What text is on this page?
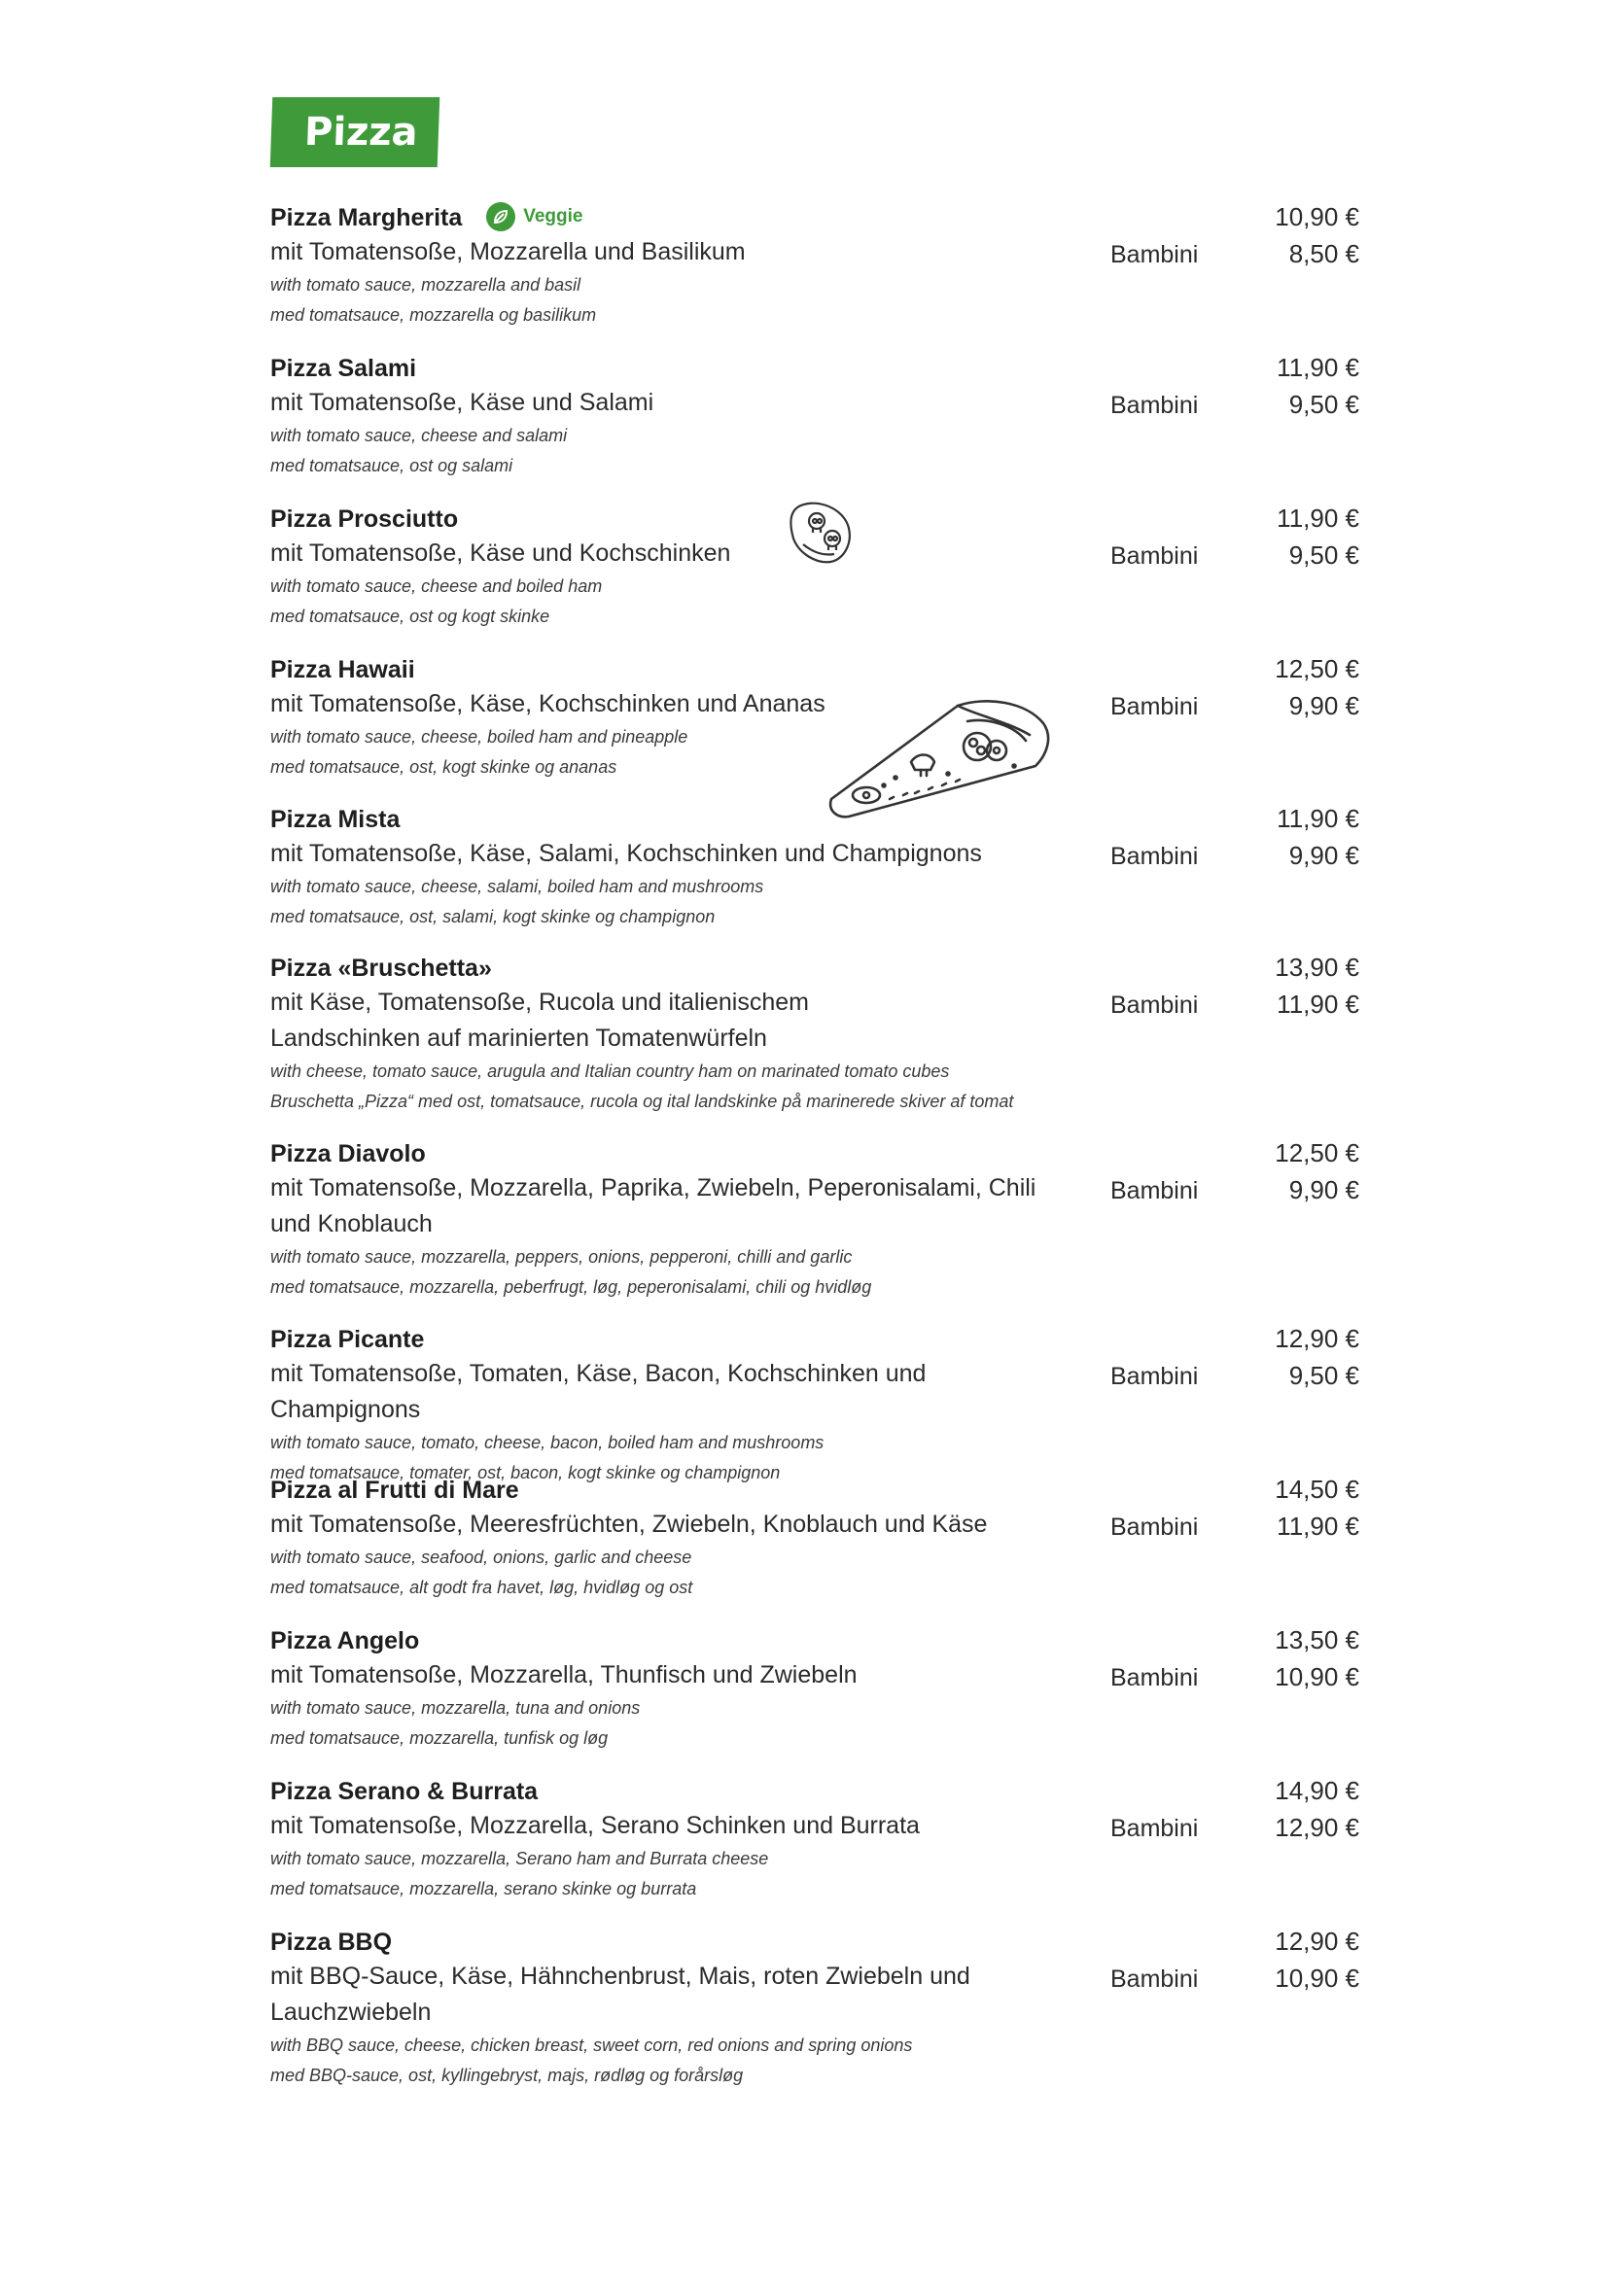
Pizza
Pizza Margherita	Veggie
mit Tomatensoße, Mozzarella und Basilikum
with tomato sauce, mozzarella and basil
med tomatsauce, mozzarella og basilikum
Bambini
10,90 €
8,50 €
Pizza Salami
mit Tomatensoße, Käse und Salami
with tomato sauce, cheese and salami
med tomatsauce, ost og salami
Bambini
11,90 €
9,50 €
Pizza Prosciutto
mit Tomatensoße, Käse und Kochschinken
with tomato sauce, cheese and boiled ham
med tomatsauce, ost og kogt skinke
Bambini
11,90 €
9,50 €
Pizza Hawaii
mit Tomatensoße, Käse, Kochschinken und Ananas
with tomato sauce, cheese, boiled ham and pineapple
med tomatsauce, ost, kogt skinke og ananas
Bambini
12,50 €
9,90 €
Pizza Mista
mit Tomatensoße, Käse, Salami, Kochschinken und Champignons
with tomato sauce, cheese, salami, boiled ham and mushrooms
med tomatsauce, ost, salami, kogt skinke og champignon
Bambini
11,90 €
9,90 €
Pizza «Bruschetta»
mit Käse, Tomatensoße, Rucola und italienischem Landschinken auf marinierten Tomatenwürfeln
with cheese, tomato sauce, arugula and Italian country ham on marinated tomato cubes
Bruschetta „Pizza“ med ost, tomatsauce, rucola og ital landskinke på marinerede skiver af tomat
Bambini
13,90 €
11,90 €
Pizza Diavolo
mit Tomatensoße, Mozzarella, Paprika, Zwiebeln, Peperonisalami, Chili und Knoblauch
with tomato sauce, mozzarella, peppers, onions, pepperoni, chilli and garlic
med tomatsauce, mozzarella, peberfrugt, løg, peperonisalami, chili og hvidløg
Bambini
12,50 €
9,90 €
Pizza Picante
mit Tomatensoße, Tomaten, Käse, Bacon, Kochschinken und Champignons
with tomato sauce, tomato, cheese, bacon, boiled ham and mushrooms
med tomatsauce, tomater, ost, bacon, kogt skinke og champignon
Bambini
12,90 €
9,50 €
Pizza al Frutti di Mare
mit Tomatensoße, Meeresfrüchten, Zwiebeln, Knoblauch und Käse
with tomato sauce, seafood, onions, garlic and cheese
med tomatsauce, alt godt fra havet, løg, hvidløg og ost
Bambini
14,50 €
11,90 €
Pizza Angelo
mit Tomatensoße, Mozzarella, Thunfisch und Zwiebeln
with tomato sauce, mozzarella, tuna and onions
med tomatsauce, mozzarella, tunfisk og løg
Bambini
13,50 €
10,90 €
Pizza Serano & Burrata
mit Tomatensoße, Mozzarella, Serano Schinken und Burrata
with tomato sauce, mozzarella, Serano ham and Burrata cheese
med tomatsauce, mozzarella, serano skinke og burrata
Bambini
14,90 €
12,90 €
Pizza BBQ
mit BBQ-Sauce, Käse, Hähnchenbrust, Mais, roten Zwiebeln und Lauchzwiebeln
with BBQ sauce, cheese, chicken breast, sweet corn, red onions and spring onions
med BBQ-sauce, ost, kyllingebryst, majs, rødløg og forårsløg
Bambini
12,90 €
10,90 €
